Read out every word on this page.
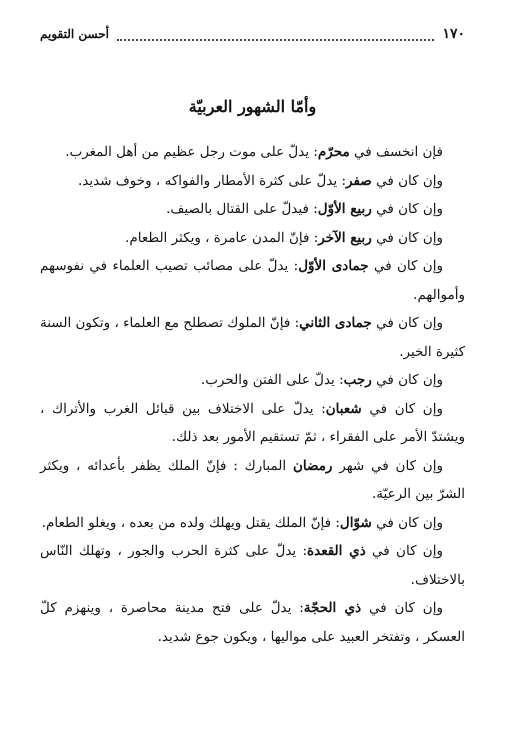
١٧٠
أحسن التقويم
وأمّا الشهور العربيّة

فإن انخسف في محرّم: يدلّ على موت رجل عظيم من أهل المغرب.

وإن كان في صفر: يدلّ على كثرة الأمطار والفواكه ، وخوف شديد.

وإن كان في ربيع الأوّل: فيدلّ على القتال بالصيف.

وإن كان في ربيع الآخر: فإنّ المدن عامرة ، ويكثر الطعام.

وإن كان في جمادى الأوّل: يدلّ على مصائب تصيب العلماء في نفوسهم وأموالهم.

وإن كان في جمادى الثاني: فإنّ الملوك تصطلح مع العلماء ، وتكون السنة كثيرة الخير.

وإن كان في رجب: يدلّ على الفتن والحرب.

وإن كان في شعبان: يدلّ على الاختلاف بين قبائل الغرب والأتراك ، ويشتدّ الأمر على الفقراء ، ثمّ تستقيم الأمور بعد ذلك.

وإن كان في شهر رمضان المبارك : فإنّ الملك يظفر بأعدائه ، ويكثر الشرّ بين الرعيّة.

وإن كان في شوّال: فإنّ الملك يقتل ويهلك ولده من بعده ، ويغلو الطعام.

وإن كان في ذي القعدة: يدلّ على كثرة الحرب والجور ، وتهلك النّاس بالاختلاف.

وإن كان في ذي الحجّة: يدلّ على فتح مدينة محاصرة ، وينهزم كلّ العسكر ، وتفتخر العبيد على مواليها ، ويكون جوع شديد.
